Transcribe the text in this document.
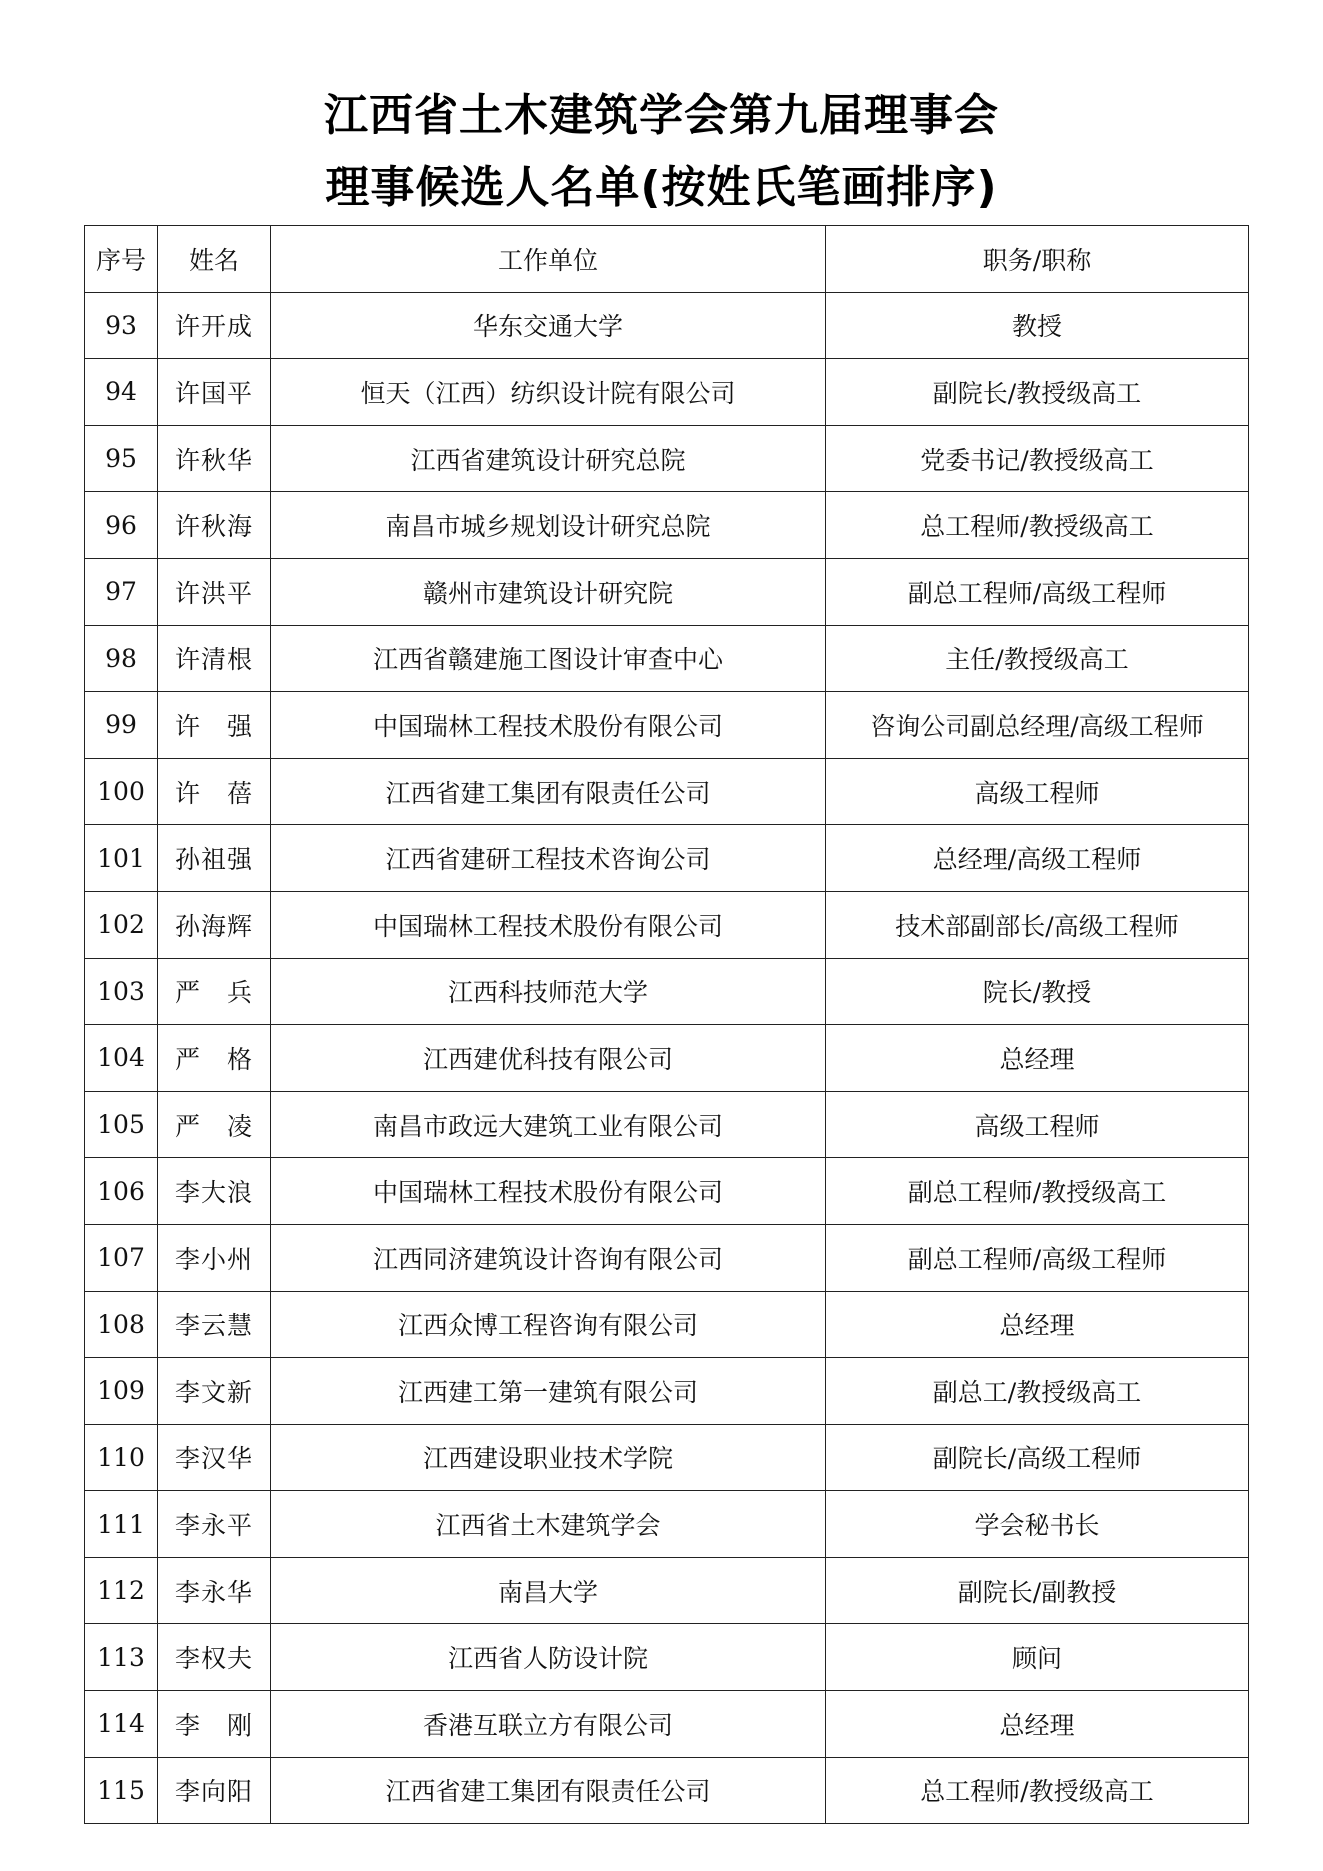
江西省土木建筑学会第九届理事会
理事候选人名单(按姓氏笔画排序)
序号	姓名	工作单位	职务/职称
93	许开成	华东交通大学	教授
94	许国平	恒天（江西）纺织设计院有限公司	副院长/教授级高工
95	许秋华	江西省建筑设计研究总院	党委书记/教授级高工
96	许秋海	南昌市城乡规划设计研究总院	总工程师/教授级高工
97	许洪平	赣州市建筑设计研究院	副总工程师/高级工程师
98	许清根	江西省赣建施工图设计审查中心	主任/教授级高工
99	许　强	中国瑞林工程技术股份有限公司	咨询公司副总经理/高级工程师
100	许　蓓	江西省建工集团有限责任公司	高级工程师
101	孙祖强	江西省建研工程技术咨询公司	总经理/高级工程师
102	孙海辉	中国瑞林工程技术股份有限公司	技术部副部长/高级工程师
103	严　兵	江西科技师范大学	院长/教授
104	严　格	江西建优科技有限公司	总经理
105	严　凌	南昌市政远大建筑工业有限公司	高级工程师
106	李大浪	中国瑞林工程技术股份有限公司	副总工程师/教授级高工
107	李小州	江西同济建筑设计咨询有限公司	副总工程师/高级工程师
108	李云慧	江西众博工程咨询有限公司	总经理
109	李文新	江西建工第一建筑有限公司	副总工/教授级高工
110	李汉华	江西建设职业技术学院	副院长/高级工程师
111	李永平	江西省土木建筑学会	学会秘书长
112	李永华	南昌大学	副院长/副教授
113	李权夫	江西省人防设计院	顾问
114	李　刚	香港互联立方有限公司	总经理
115	李向阳	江西省建工集团有限责任公司	总工程师/教授级高工
